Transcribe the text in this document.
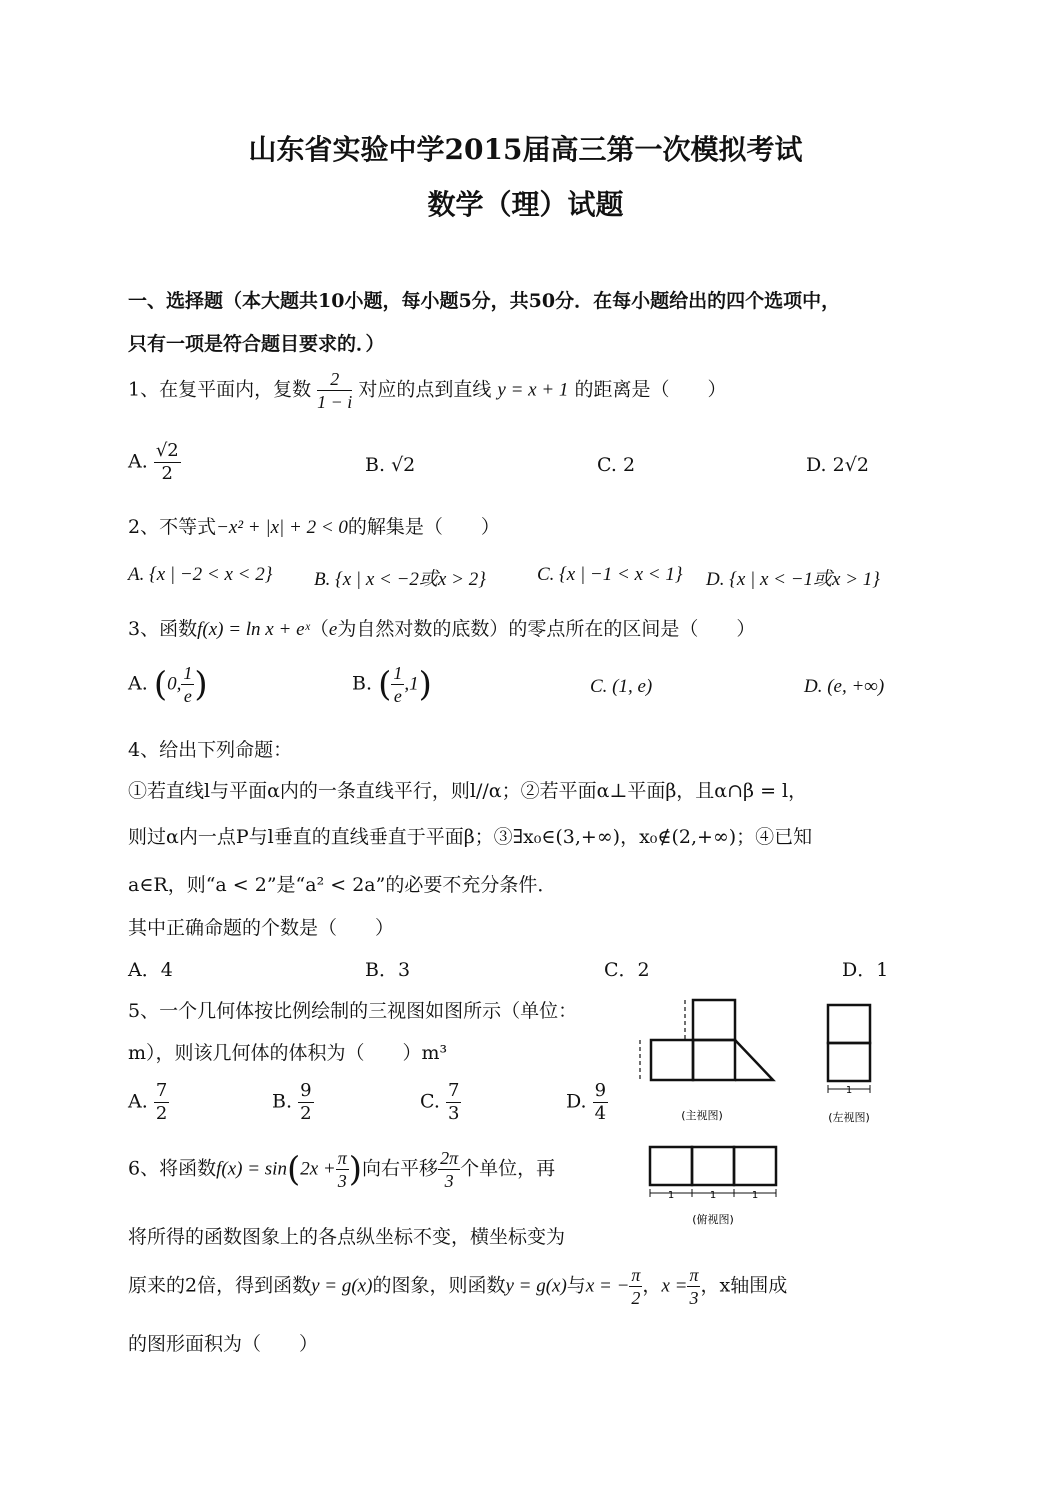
山东省实验中学2015届高三第一次模拟考试
数学（理）试题
一、选择题（本大题共10小题，每小题5分，共50分．在每小题给出的四个选项中，
只有一项是符合题目要求的．）
1、在复平面内，复数 $\frac{2}{1 - i}$ 对应的点到直线 y = x + 1 的距离是（　　）
A. $\frac{√2}{2}$	B. √2	C. 2	D. 2√2
2、不等式−x² + |x| + 2 < 0的解集是（　　）
A. {x | −2 < x < 2} B. {x | x < −2或x > 2}	C. {x | −1 < x < 1} D. {x | x < −1或x > 1}
3、函数f(x) = ln x + eˣ（e为自然对数的底数）的零点所在的区间是（　　）
A. (0, $\frac{1}{e}$ )	B. ( $\frac{1}{e} ,1$)	C. (1, e)	D. (e, +∞)
4、给出下列命题：
①若直线l与平面α内的一条直线平行，则l//α；②若平面α⊥平面β，且α∩β = l，
则过α内一点P与l垂直的直线垂直于平面β；③∃x₀∈(3,+∞)，x₀∉(2,+∞)；④已知
a∈R，则“a < 2”是“a² < 2a”的必要不充分条件．
其中正确命题的个数是（　　）
A．4	B．3	C．2	D．1
5、一个几何体按比例绘制的三视图如图所示（单位：
m），则该几何体的体积为（　　）m³
A. $\frac{7}{2}$	B. $\frac{9}{2}$	C. $\frac{7}{3}$	D. $\frac{9}{4}$
1	1	1
1
(主视图)	(左视图)
(俯视图)
6、将函数$f(x) = \sin(2x + \frac{\pi}{3}$ )向右平移 $\frac{2\pi}{3}$ 个单位，再
将所得的函数图象上的各点纵坐标不变，横坐标变为
原来的2倍，得到函数y = g(x)的图象，则函数y = g(x)与x = − $\frac{\pi}{2}$ ，$x = \frac{\pi}{3}$ ，x轴围成
的图形面积为（　　）
